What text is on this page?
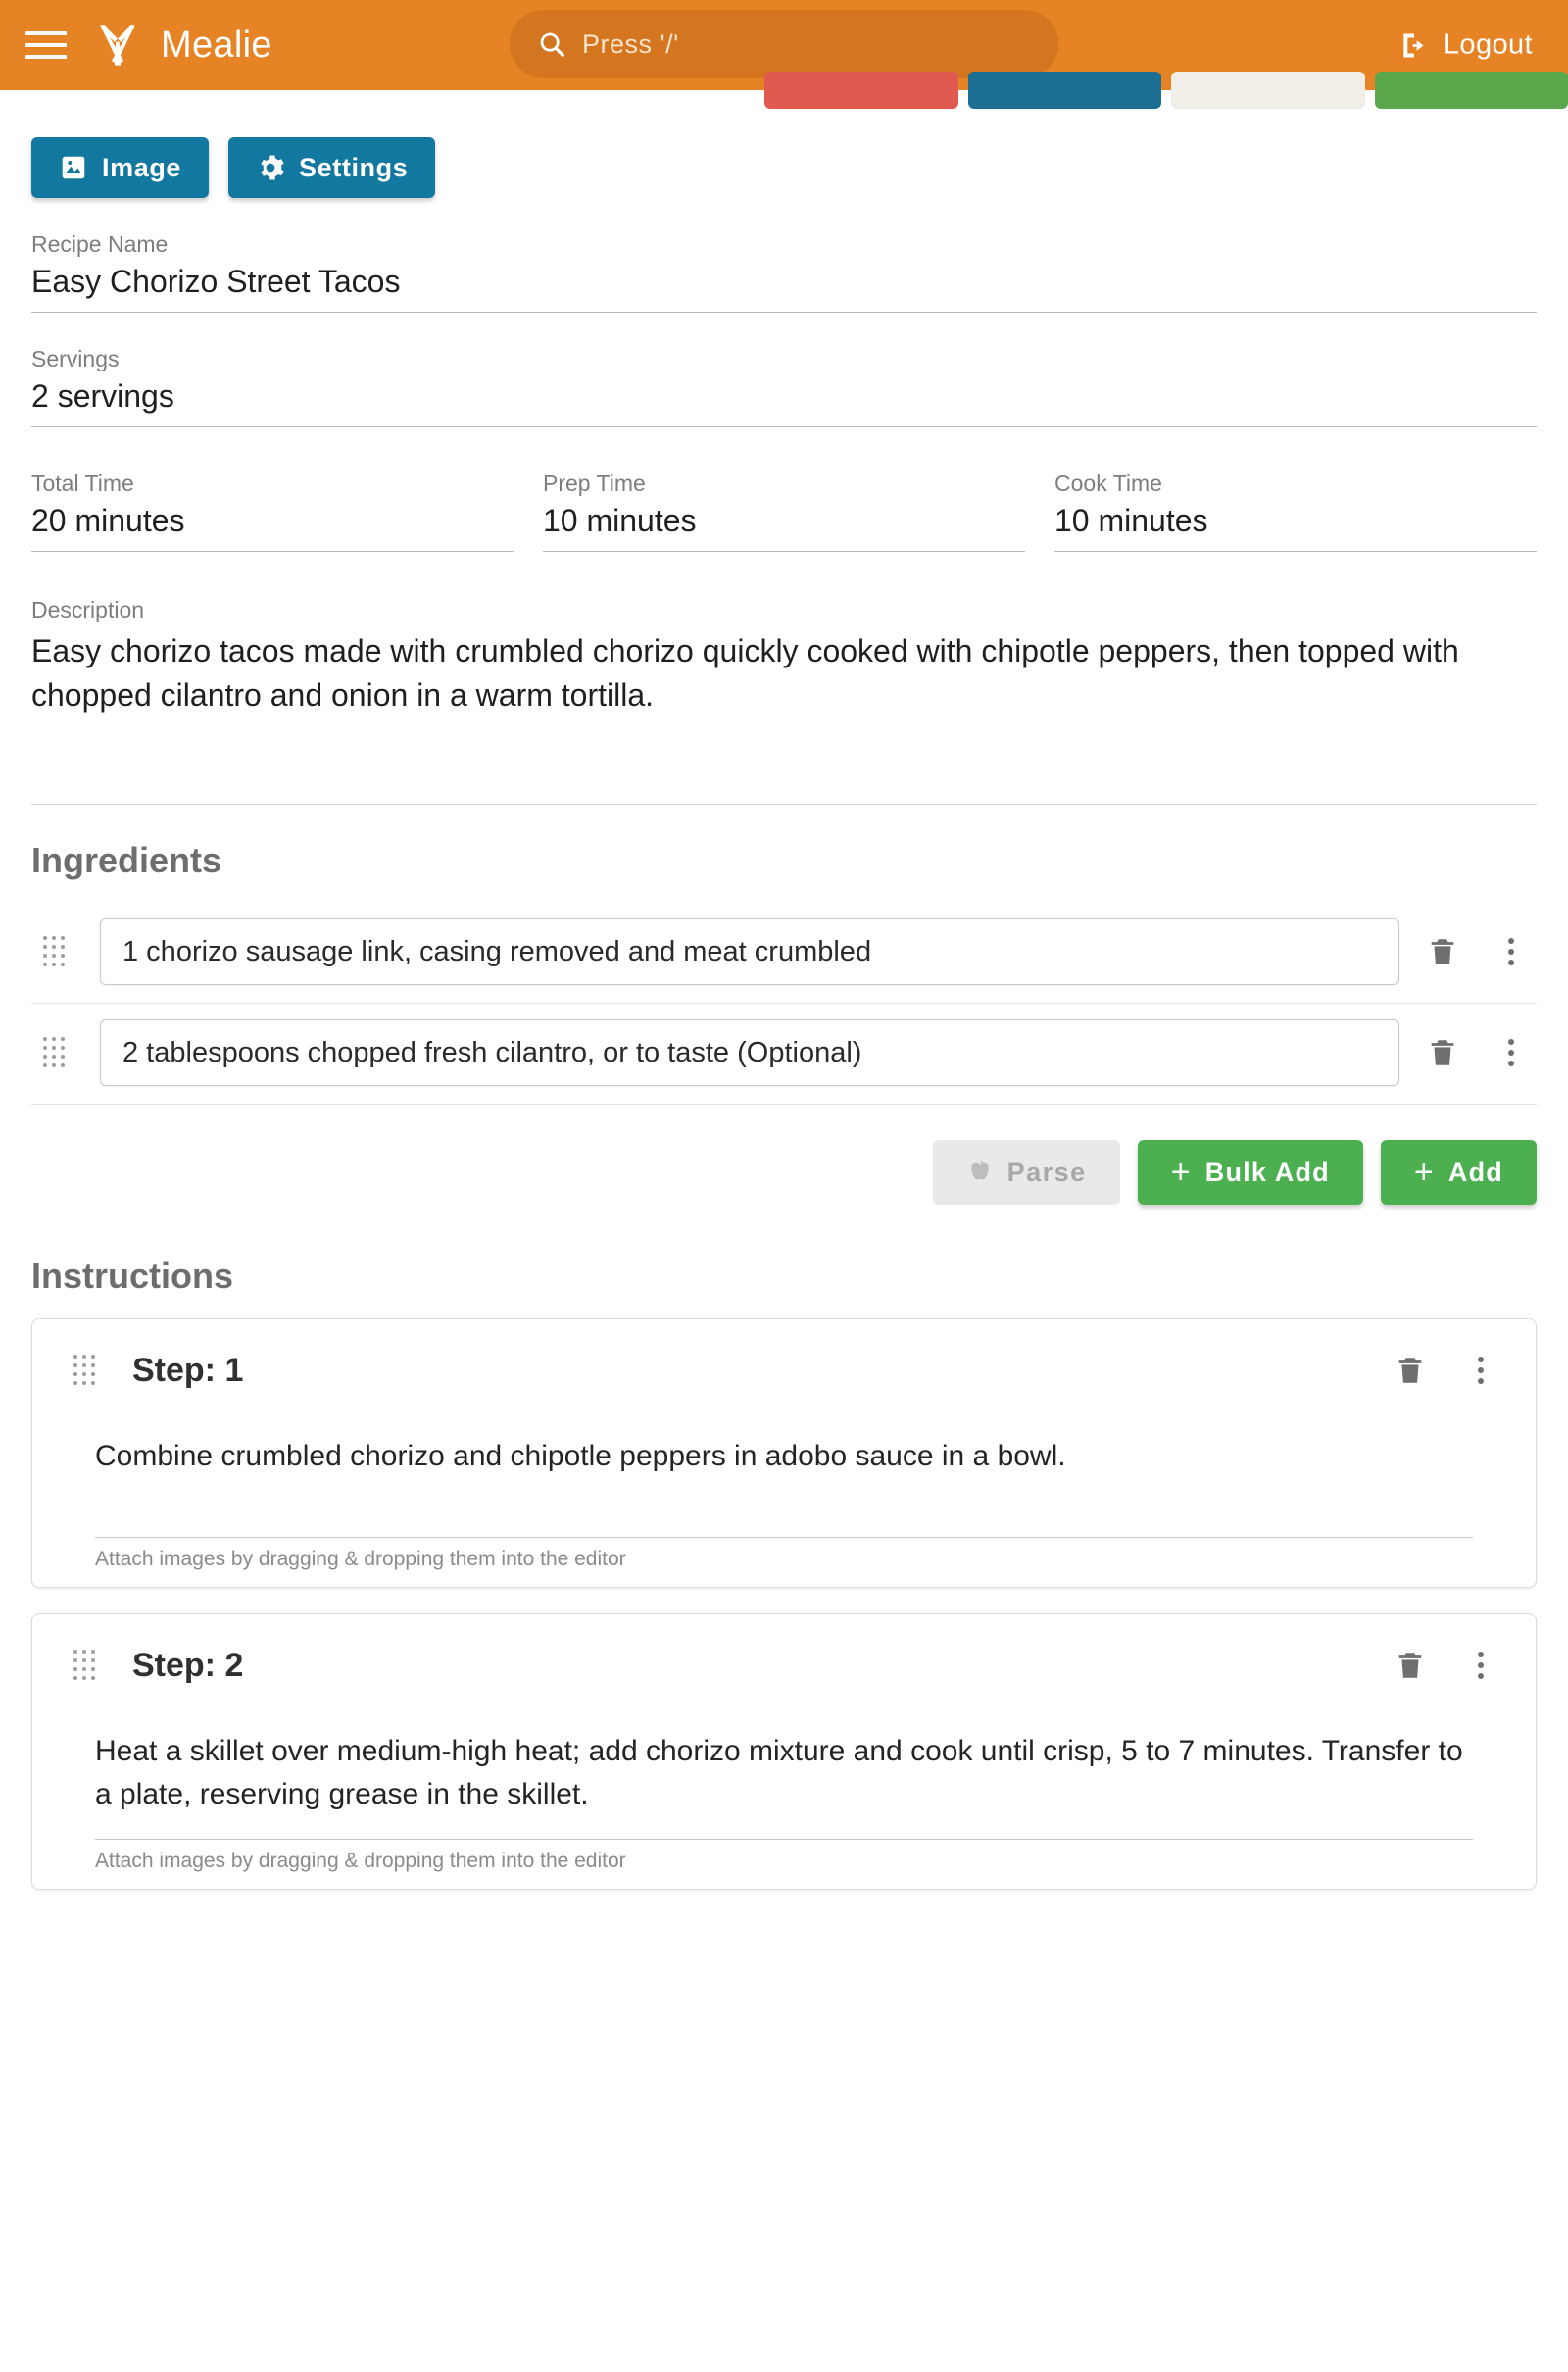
Mealie	Press '/'	Logout
Image	Settings
Recipe Name
Easy Chorizo Street Tacos
Servings
2 servings
Total Time
20 minutes
Prep Time
10 minutes
Cook Time
10 minutes
Description
Easy chorizo tacos made with crumbled chorizo quickly cooked with chipotle peppers, then topped with chopped cilantro and onion in a warm tortilla.
Ingredients
1 chorizo sausage link, casing removed and meat crumbled
2 tablespoons chopped fresh cilantro, or to taste (Optional)
Parse	+ Bulk Add	+ Add
Instructions
Step: 1
Combine crumbled chorizo and chipotle peppers in adobo sauce in a bowl.
Attach images by dragging & dropping them into the editor
Step: 2
Heat a skillet over medium-high heat; add chorizo mixture and cook until crisp, 5 to 7 minutes. Transfer to a plate, reserving grease in the skillet.
Attach images by dragging & dropping them into the editor
